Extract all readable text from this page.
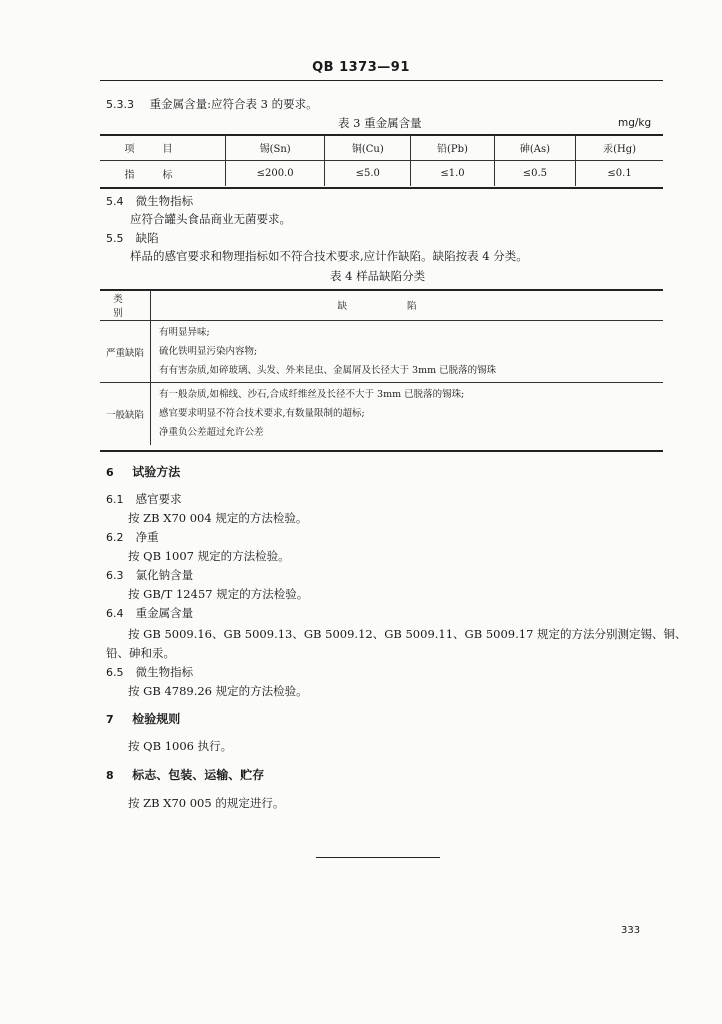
QB 1373—91
5.3.3 重金属含量:应符合表 3 的要求。
表 3 重金属含量	mg/kg
项目	锡(Sn)	铜(Cu)	铅(Pb)	砷(As)	汞(Hg)
指标	≤200.0	≤5.0	≤1.0	≤0.5	≤0.1
5.4 微生物指标
应符合罐头食品商业无菌要求。
5.5 缺陷
样品的感官要求和物理指标如不符合技术要求,应计作缺陷。缺陷按表 4 分类。
表 4 样品缺陷分类
类别	缺陷
严重缺陷	有明显异味;
硫化铁明显污染内容物;
有有害杂质,如碎玻璃、头发、外来昆虫、金属屑及长径大于 3mm 已脱落的锡珠

一般缺陷	有一般杂质,如棉线、沙石,合成纤维丝及长径不大于 3mm 已脱落的锡珠;
感官要求明显不符合技术要求,有数量限制的超标;
净重负公差超过允许公差
6 试验方法
6.1 感官要求
按 ZB X70 004 规定的方法检验。
6.2 净重
按 QB 1007 规定的方法检验。
6.3 氯化钠含量
按 GB/T 12457 规定的方法检验。
6.4 重金属含量
按 GB 5009.16、GB 5009.13、GB 5009.12、GB 5009.11、GB 5009.17 规定的方法分别测定锡、铜、
铅、砷和汞。
6.5 微生物指标
按 GB 4789.26 规定的方法检验。
7 检验规则
按 QB 1006 执行。
8 标志、包装、运输、贮存
按 ZB X70 005 的规定进行。
333
